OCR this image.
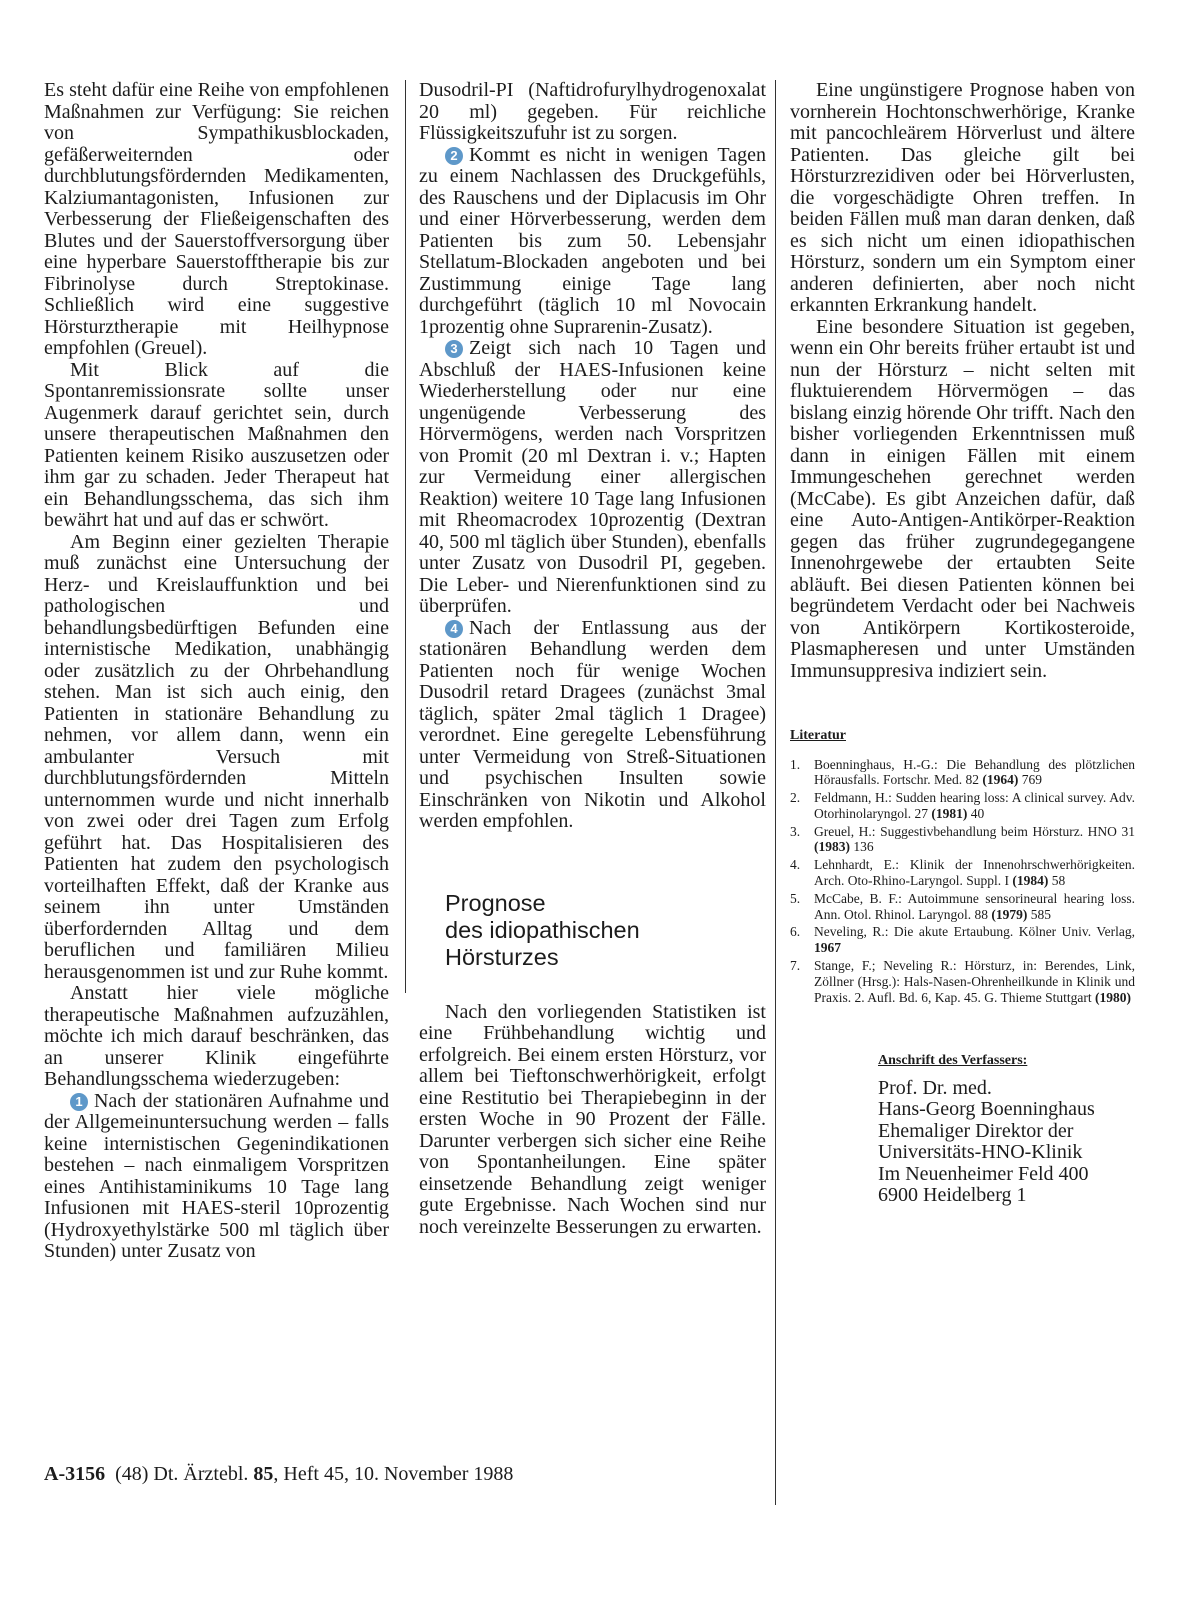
Es steht dafür eine Reihe von empfohlenen Maßnahmen zur Verfügung: Sie reichen von Sympathikusblockaden, gefäßerweiternden oder durchblutungsfördernden Medikamenten, Kalziumantagonisten, Infusionen zur Verbesserung der Fließeigenschaften des Blutes und der Sauerstoffversorgung über eine hyperbare Sauerstofftherapie bis zur Fibrinolyse durch Streptokinase. Schließlich wird eine suggestive Hörsturztherapie mit Heilhypnose empfohlen (Greuel).

Mit Blick auf die Spontanremissionsrate sollte unser Augenmerk darauf gerichtet sein, durch unsere therapeutischen Maßnahmen den Patienten keinem Risiko auszusetzen oder ihm gar zu schaden. Jeder Therapeut hat ein Behandlungsschema, das sich ihm bewährt hat und auf das er schwört.

Am Beginn einer gezielten Therapie muß zunächst eine Untersuchung der Herz- und Kreislauffunktion und bei pathologischen und behandlungsbedürftigen Befunden eine internistische Medikation, unabhängig oder zusätzlich zu der Ohrbehandlung stehen. Man ist sich auch einig, den Patienten in stationäre Behandlung zu nehmen, vor allem dann, wenn ein ambulanter Versuch mit durchblutungsfördernden Mitteln unternommen wurde und nicht innerhalb von zwei oder drei Tagen zum Erfolg geführt hat. Das Hospitalisieren des Patienten hat zudem den psychologisch vorteilhaften Effekt, daß der Kranke aus seinem ihn unter Umständen überfordernden Alltag und dem beruflichen und familiären Milieu herausgenommen ist und zur Ruhe kommt.

Anstatt hier viele mögliche therapeutische Maßnahmen aufzuzählen, möchte ich mich darauf beschränken, das an unserer Klinik eingeführte Behandlungsschema wiederzugeben:

1 Nach der stationären Aufnahme und der Allgemeinuntersuchung werden – falls keine internistischen Gegenindikationen bestehen – nach einmaligem Vorspritzen eines Antihistaminikums 10 Tage lang Infusionen mit HAES-steril 10prozentig (Hydroxyethylstärke 500 ml täglich über Stunden) unter Zusatz von

Dusodril-PI (Naftidrofurylhydrogenoxalat 20 ml) gegeben. Für reichliche Flüssigkeitszufuhr ist zu sorgen.

2 Kommt es nicht in wenigen Tagen zu einem Nachlassen des Druckgefühls, des Rauschens und der Diplacusis im Ohr und einer Hörverbesserung, werden dem Patienten bis zum 50. Lebensjahr Stellatum-Blockaden angeboten und bei Zustimmung einige Tage lang durchgeführt (täglich 10 ml Novocain 1prozentig ohne Suprarenin-Zusatz).

3 Zeigt sich nach 10 Tagen und Abschluß der HAES-Infusionen keine Wiederherstellung oder nur eine ungenügende Verbesserung des Hörvermögens, werden nach Vorspritzen von Promit (20 ml Dextran i. v.; Hapten zur Vermeidung einer allergischen Reaktion) weitere 10 Tage lang Infusionen mit Rheomacrodex 10prozentig (Dextran 40, 500 ml täglich über Stunden), ebenfalls unter Zusatz von Dusodril PI, gegeben. Die Leber- und Nierenfunktionen sind zu überprüfen.

4 Nach der Entlassung aus der stationären Behandlung werden dem Patienten noch für wenige Wochen Dusodril retard Dragees (zunächst 3mal täglich, später 2mal täglich 1 Dragee) verordnet. Eine geregelte Lebensführung unter Vermeidung von Streß-Situationen und psychischen Insulten sowie Einschränken von Nikotin und Alkohol werden empfohlen.

Prognose
des idiopathischen
Hörsturzes

Nach den vorliegenden Statistiken ist eine Frühbehandlung wichtig und erfolgreich. Bei einem ersten Hörsturz, vor allem bei Tieftonschwerhörigkeit, erfolgt eine Restitutio bei Therapiebeginn in der ersten Woche in 90 Prozent der Fälle. Darunter verbergen sich sicher eine Reihe von Spontanheilungen. Eine später einsetzende Behandlung zeigt weniger gute Ergebnisse. Nach Wochen sind nur noch vereinzelte Besserungen zu erwarten.

Eine ungünstigere Prognose haben von vornherein Hochtonschwerhörige, Kranke mit pancochleärem Hörverlust und ältere Patienten. Das gleiche gilt bei Hörsturzrezidiven oder bei Hörverlusten, die vorgeschädigte Ohren treffen. In beiden Fällen muß man daran denken, daß es sich nicht um einen idiopathischen Hörsturz, sondern um ein Symptom einer anderen definierten, aber noch nicht erkannten Erkrankung handelt.

Eine besondere Situation ist gegeben, wenn ein Ohr bereits früher ertaubt ist und nun der Hörsturz – nicht selten mit fluktuierendem Hörvermögen – das bislang einzig hörende Ohr trifft. Nach den bisher vorliegenden Erkenntnissen muß dann in einigen Fällen mit einem Immungeschehen gerechnet werden (McCabe). Es gibt Anzeichen dafür, daß eine Auto-Antigen-Antikörper-Reaktion gegen das früher zugrundegegangene Innenohrgewebe der ertaubten Seite abläuft. Bei diesen Patienten können bei begründetem Verdacht oder bei Nachweis von Antikörpern Kortikosteroide, Plasmapheresen und unter Umständen Immunsuppresiva indiziert sein.

Literatur
1.	Boenninghaus, H.-G.: Die Behandlung des plötzlichen Hörausfalls. Fortschr. Med. 82 (1964) 769
2.	Feldmann, H.: Sudden hearing loss: A clinical survey. Adv. Otorhinolaryngol. 27 (1981) 40
3.	Greuel, H.: Suggestivbehandlung beim Hörsturz. HNO 31 (1983) 136
4.	Lehnhardt, E.: Klinik der Innenohrschwerhörigkeiten. Arch. Oto-Rhino-Laryngol. Suppl. I (1984) 58
5.	McCabe, B. F.: Autoimmune sensorineural hearing loss. Ann. Otol. Rhinol. Laryngol. 88 (1979) 585
6.	Neveling, R.: Die akute Ertaubung. Kölner Univ. Verlag, 1967
7.	Stange, F.; Neveling R.: Hörsturz, in: Berendes, Link, Zöllner (Hrsg.): Hals-Nasen-Ohrenheilkunde in Klinik und Praxis. 2. Aufl. Bd. 6, Kap. 45. G. Thieme Stuttgart (1980)
Anschrift des Verfassers:
Prof. Dr. med.
Hans-Georg Boenninghaus
Ehemaliger Direktor der
Universitäts-HNO-Klinik
Im Neuenheimer Feld 400
6900 Heidelberg 1
A-3156 (48) Dt. Ärztebl. 85, Heft 45, 10. November 1988
